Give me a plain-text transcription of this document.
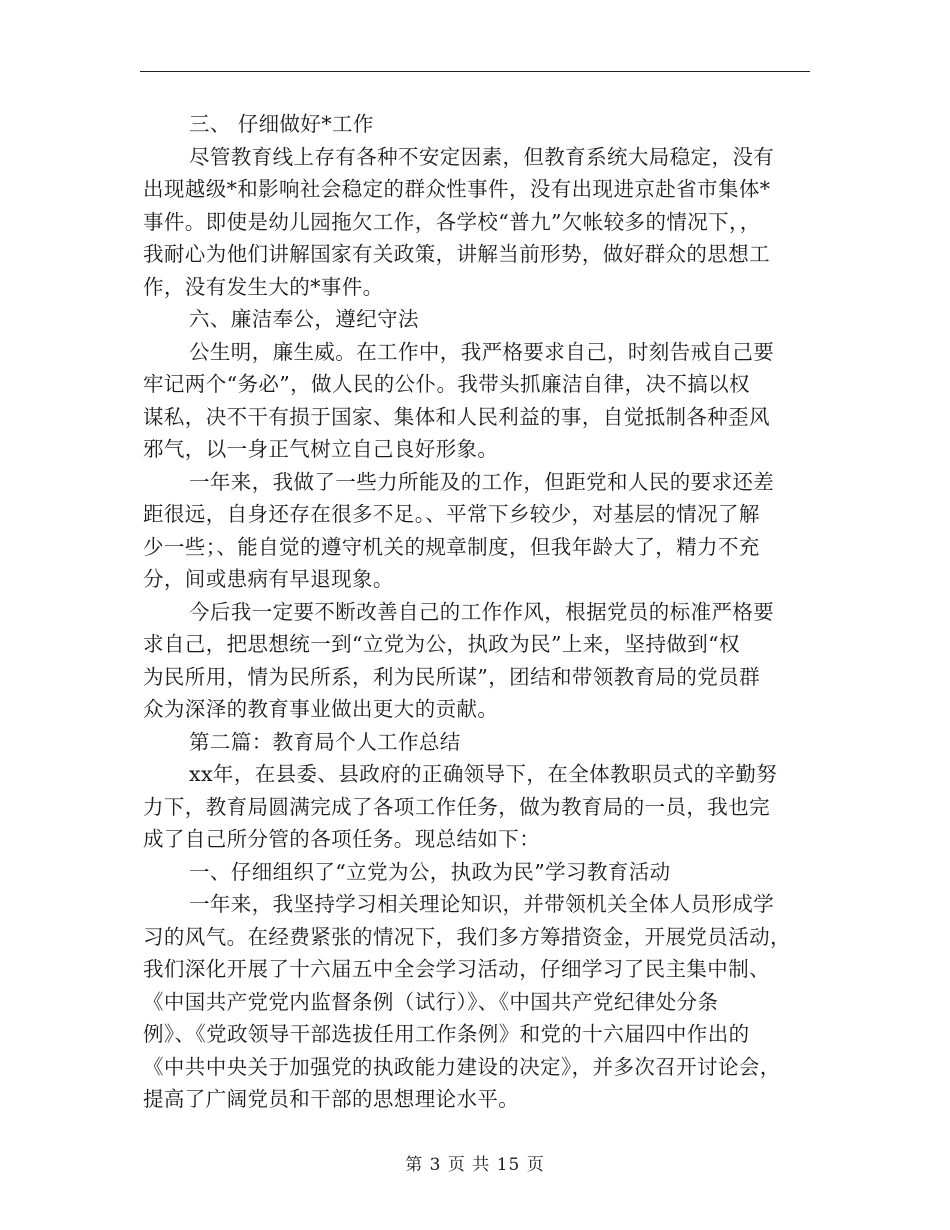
三、 仔细做好*工作
尽管教育线上存有各种不安定因素，但教育系统大局稳定，没有
出现越级*和影响社会稳定的群众性事件，没有出现进京赴省市集体*
事件。即使是幼儿园拖欠工作，各学校“普九”欠帐较多的情况下，，
我耐心为他们讲解国家有关政策，讲解当前形势，做好群众的思想工
作，没有发生大的*事件。
六、廉洁奉公，遵纪守法
公生明，廉生威。在工作中，我严格要求自己，时刻告戒自己要
牢记两个“务必”，做人民的公仆。我带头抓廉洁自律，决不搞以权
谋私，决不干有损于国家、集体和人民利益的事，自觉抵制各种歪风
邪气，以一身正气树立自己良好形象。
一年来，我做了一些力所能及的工作，但距党和人民的要求还差
距很远，自身还存在很多不足。、平常下乡较少，对基层的情况了解
少一些；、能自觉的遵守机关的规章制度，但我年龄大了，精力不充
分，间或患病有早退现象。
今后我一定要不断改善自己的工作作风，根据党员的标准严格要
求自己，把思想统一到“立党为公，执政为民”上来，坚持做到“权
为民所用，情为民所系，利为民所谋”，团结和带领教育局的党员群
众为深泽的教育事业做出更大的贡献。
第二篇：教育局个人工作总结
xx年，在县委、县政府的正确领导下，在全体教职员式的辛勤努
力下，教育局圆满完成了各项工作任务，做为教育局的一员，我也完
成了自己所分管的各项任务。现总结如下：
一、仔细组织了“立党为公，执政为民”学习教育活动
一年来，我坚持学习相关理论知识，并带领机关全体人员形成学
习的风气。在经费紧张的情况下，我们多方筹措资金，开展党员活动，
我们深化开展了十六届五中全会学习活动，仔细学习了民主集中制、
《中国共产党党内监督条例（试行）》、《中国共产党纪律处分条
例》、《党政领导干部选拔任用工作条例》和党的十六届四中作出的
《中共中央关于加强党的执政能力建设的决定》，并多次召开讨论会，
提高了广阔党员和干部的思想理论水平。
第 3 页 共 15 页
